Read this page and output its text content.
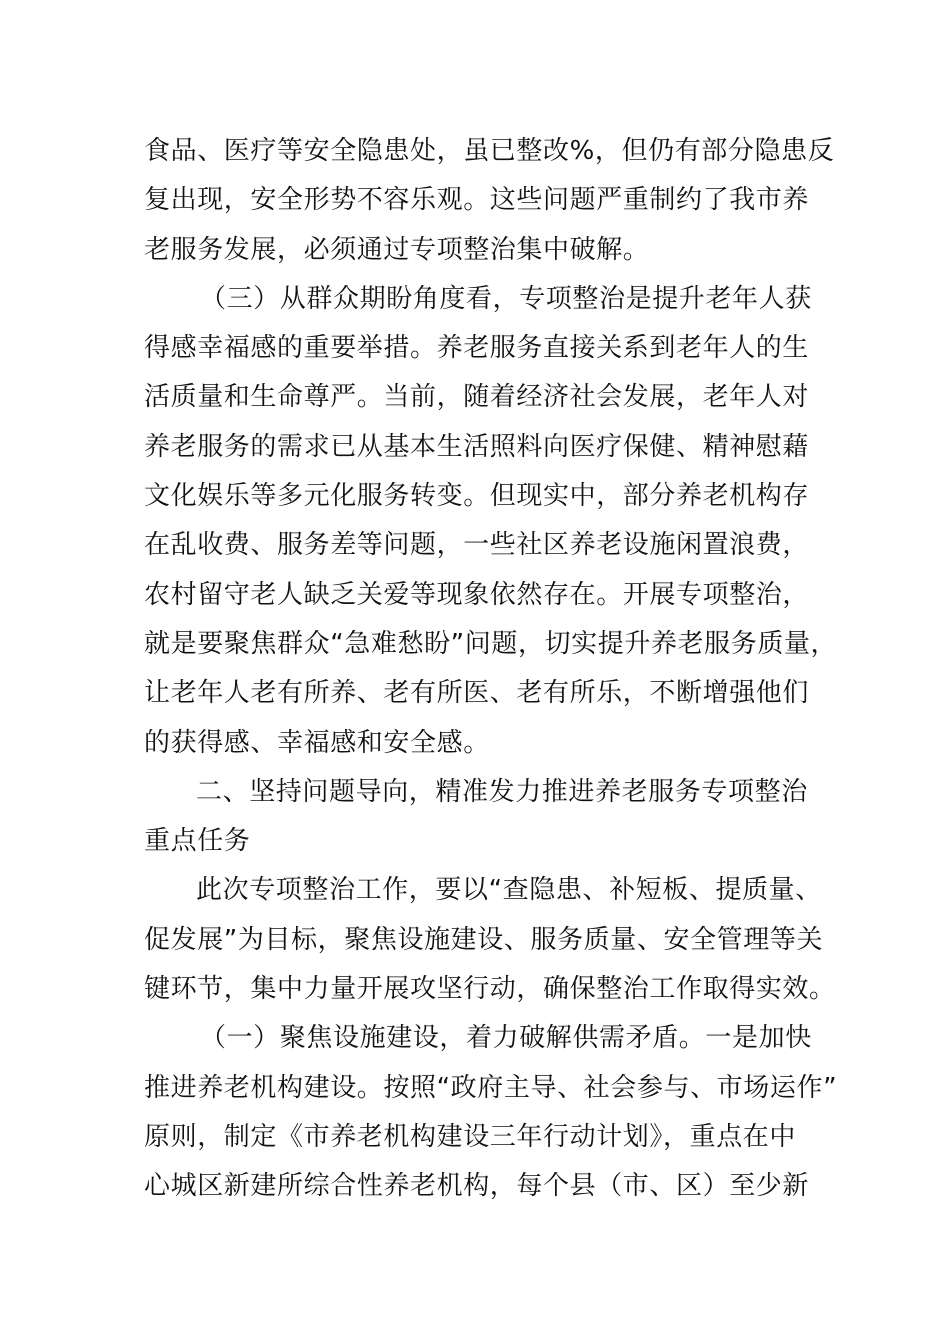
食品、医疗等安全隐患处，虽已整改%，但仍有部分隐患反
复出现，安全形势不容乐观。这些问题严重制约了我市养
老服务发展，必须通过专项整治集中破解。

（三）从群众期盼角度看，专项整治是提升老年人获
得感幸福感的重要举措。养老服务直接关系到老年人的生
活质量和生命尊严。当前，随着经济社会发展，老年人对
养老服务的需求已从基本生活照料向医疗保健、精神慰藉
文化娱乐等多元化服务转变。但现实中，部分养老机构存
在乱收费、服务差等问题，一些社区养老设施闲置浪费，
农村留守老人缺乏关爱等现象依然存在。开展专项整治，
就是要聚焦群众“急难愁盼”问题，切实提升养老服务质量，
让老年人老有所养、老有所医、老有所乐，不断增强他们
的获得感、幸福感和安全感。

二、坚持问题导向，精准发力推进养老服务专项整治
重点任务

此次专项整治工作，要以“查隐患、补短板、提质量、
促发展”为目标，聚焦设施建设、服务质量、安全管理等关
键环节，集中力量开展攻坚行动，确保整治工作取得实效。

（一）聚焦设施建设，着力破解供需矛盾。一是加快
推进养老机构建设。按照“政府主导、社会参与、市场运作”
原则，制定《市养老机构建设三年行动计划》，重点在中
心城区新建所综合性养老机构，每个县（市、区）至少新
